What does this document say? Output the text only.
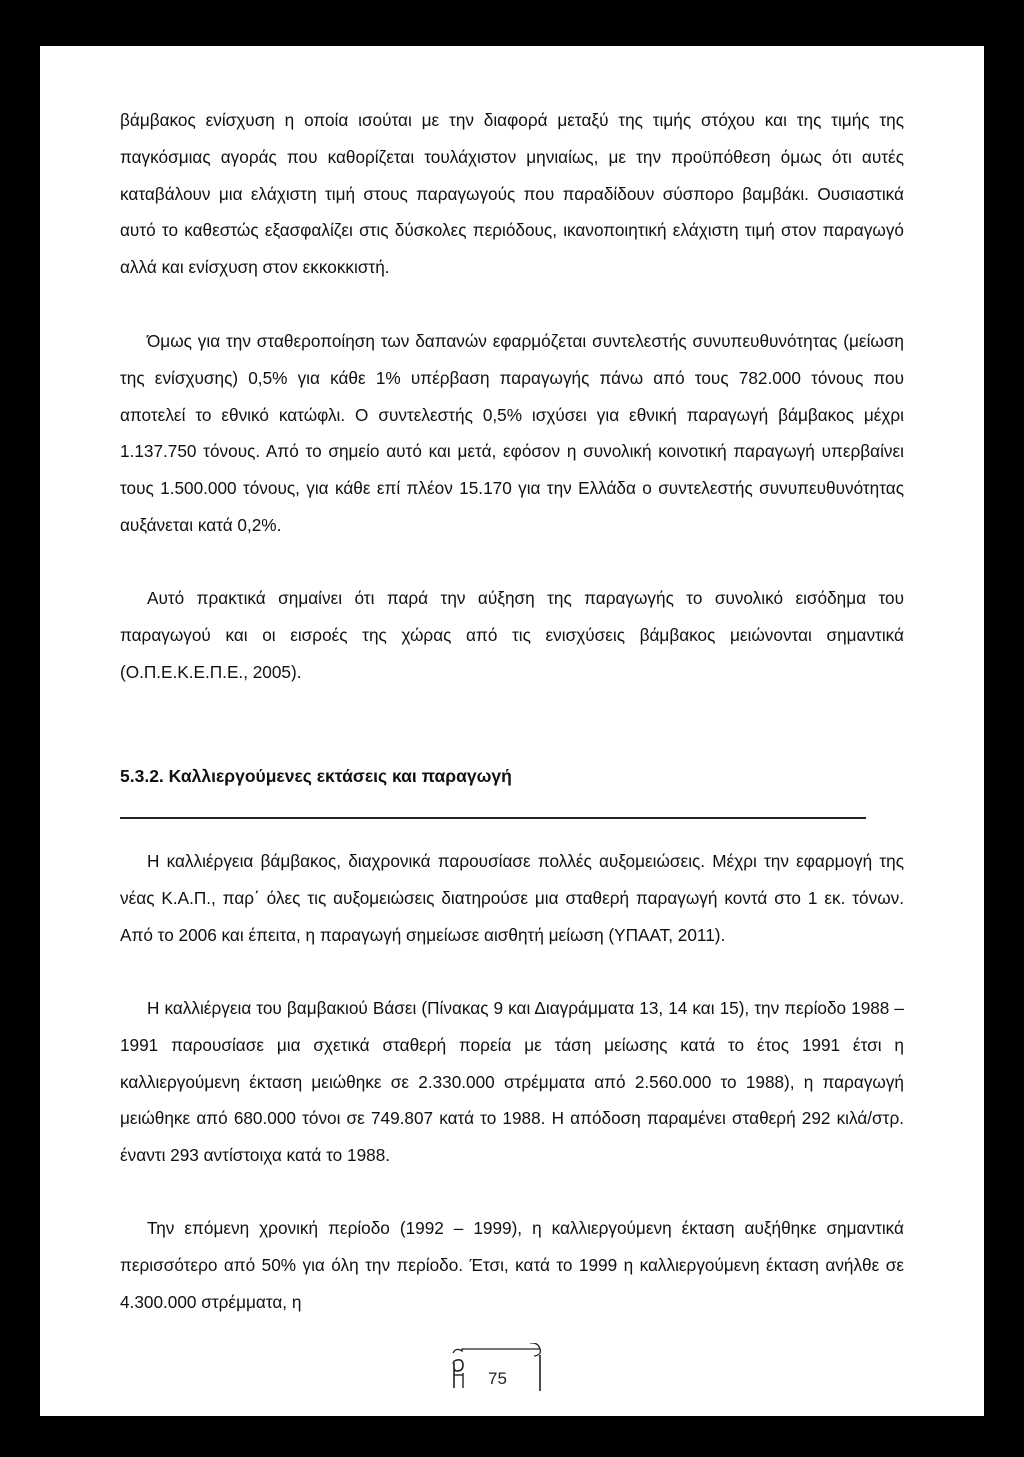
βάμβακος ενίσχυση η οποία ισούται με την διαφορά μεταξύ της τιμής στόχου και της τιμής της παγκόσμιας αγοράς που καθορίζεται τουλάχιστον μηνιαίως, με την προϋπόθεση όμως ότι αυτές καταβάλουν μια ελάχιστη τιμή στους παραγωγούς που παραδίδουν σύσπορο βαμβάκι. Ουσιαστικά αυτό το καθεστώς εξασφαλίζει στις δύσκολες περιόδους, ικανοποιητική ελάχιστη τιμή στον παραγωγό αλλά και ενίσχυση στον εκκοκκιστή.
Όμως για την σταθεροποίηση των δαπανών εφαρμόζεται συντελεστής συνυπευθυνότητας (μείωση της ενίσχυσης) 0,5% για κάθε 1% υπέρβαση παραγωγής πάνω από τους 782.000 τόνους που αποτελεί το εθνικό κατώφλι. Ο συντελεστής 0,5% ισχύσει για εθνική παραγωγή βάμβακος μέχρι 1.137.750 τόνους. Από το σημείο αυτό και μετά, εφόσον η συνολική κοινοτική παραγωγή υπερβαίνει τους 1.500.000 τόνους, για κάθε επί πλέον 15.170 για την Ελλάδα ο συντελεστής συνυπευθυνότητας αυξάνεται κατά 0,2%.
Αυτό πρακτικά σημαίνει ότι παρά την αύξηση της παραγωγής το συνολικό εισόδημα του παραγωγού και οι εισροές της χώρας από τις ενισχύσεις βάμβακος μειώνονται σημαντικά (Ο.Π.Ε.Κ.Ε.Π.Ε., 2005).
5.3.2. Καλλιεργούμενες εκτάσεις και παραγωγή
Η καλλιέργεια βάμβακος, διαχρονικά παρουσίασε πολλές αυξομειώσεις. Μέχρι την εφαρμογή της νέας Κ.Α.Π., παρ΄ όλες τις αυξομειώσεις διατηρούσε μια σταθερή παραγωγή κοντά στο 1 εκ. τόνων. Από το 2006 και έπειτα, η παραγωγή σημείωσε αισθητή μείωση (ΥΠΑΑΤ, 2011).
Η καλλιέργεια του βαμβακιού Βάσει (Πίνακας 9 και Διαγράμματα 13, 14 και 15), την περίοδο 1988 – 1991 παρουσίασε μια σχετικά σταθερή πορεία με τάση μείωσης κατά το έτος 1991 έτσι η καλλιεργούμενη έκταση μειώθηκε σε 2.330.000 στρέμματα από 2.560.000 το 1988), η παραγωγή μειώθηκε από 680.000 τόνοι σε 749.807 κατά το 1988. Η απόδοση παραμένει σταθερή 292 κιλά/στρ. έναντι 293 αντίστοιχα κατά το 1988.
Την επόμενη χρονική περίοδο (1992 – 1999), η καλλιεργούμενη έκταση αυξήθηκε σημαντικά περισσότερο από 50% για όλη την περίοδο. Έτσι, κατά το 1999 η καλλιεργούμενη έκταση ανήλθε σε 4.300.000 στρέμματα, η
75
